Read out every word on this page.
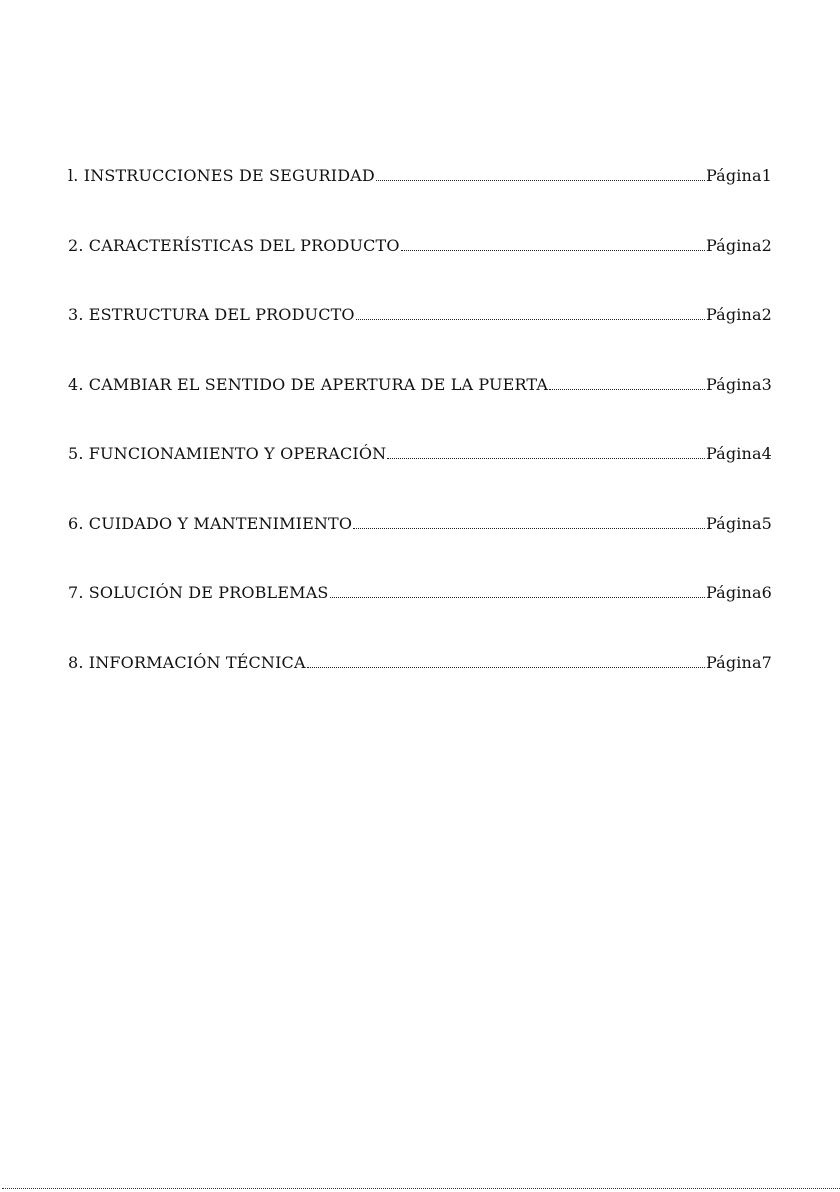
l. INSTRUCCIONES DE SEGURIDAD	Página1
2. CARACTERÍSTICAS DEL PRODUCTO	Página2
3. ESTRUCTURA DEL PRODUCTO	Página2
4. CAMBIAR EL SENTIDO DE APERTURA DE LA PUERTA	Página3
5. FUNCIONAMIENTO Y OPERACIÓN	Página4
6. CUIDADO Y MANTENIMIENTO	Página5
7. SOLUCIÓN DE PROBLEMAS	Página6
8. INFORMACIÓN TÉCNICA	Página7
